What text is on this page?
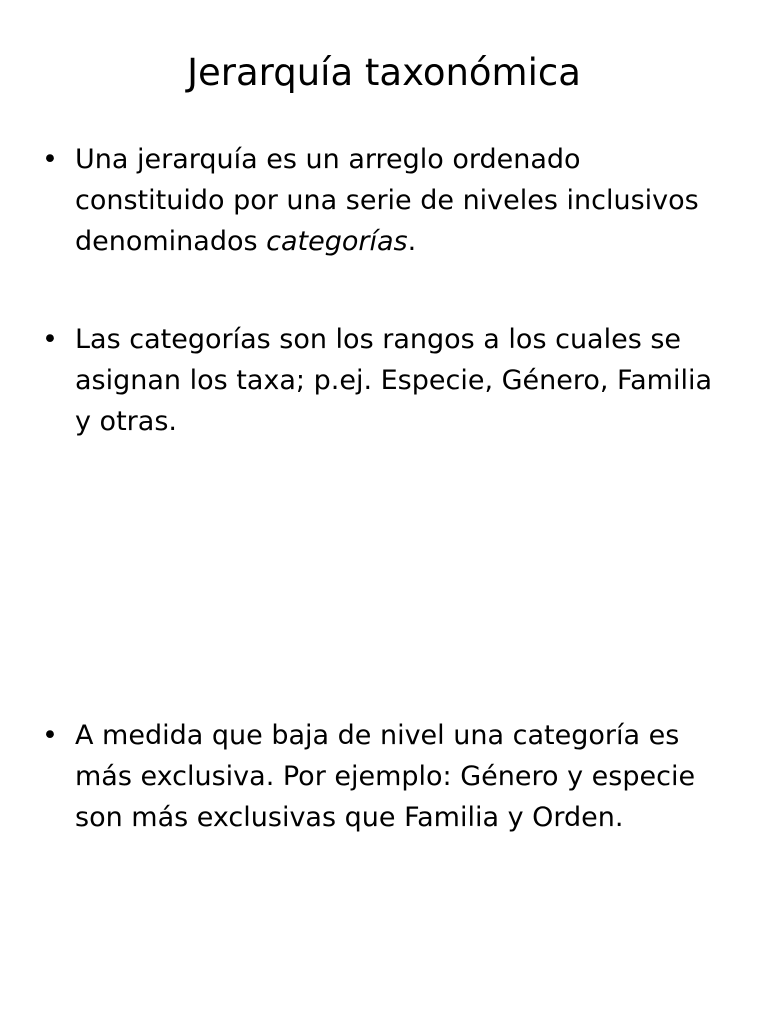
Jerarquía taxonómica
• Una jerarquía es un arreglo ordenado constituido por una serie de niveles inclusivos denominados categorías.
• Las categorías son los rangos a los cuales se asignan los taxa; p.ej. Especie, Género, Familia y otras.
• A medida que baja de nivel una categoría es más exclusiva. Por ejemplo: Género y especie son más exclusivas que Familia y Orden.
